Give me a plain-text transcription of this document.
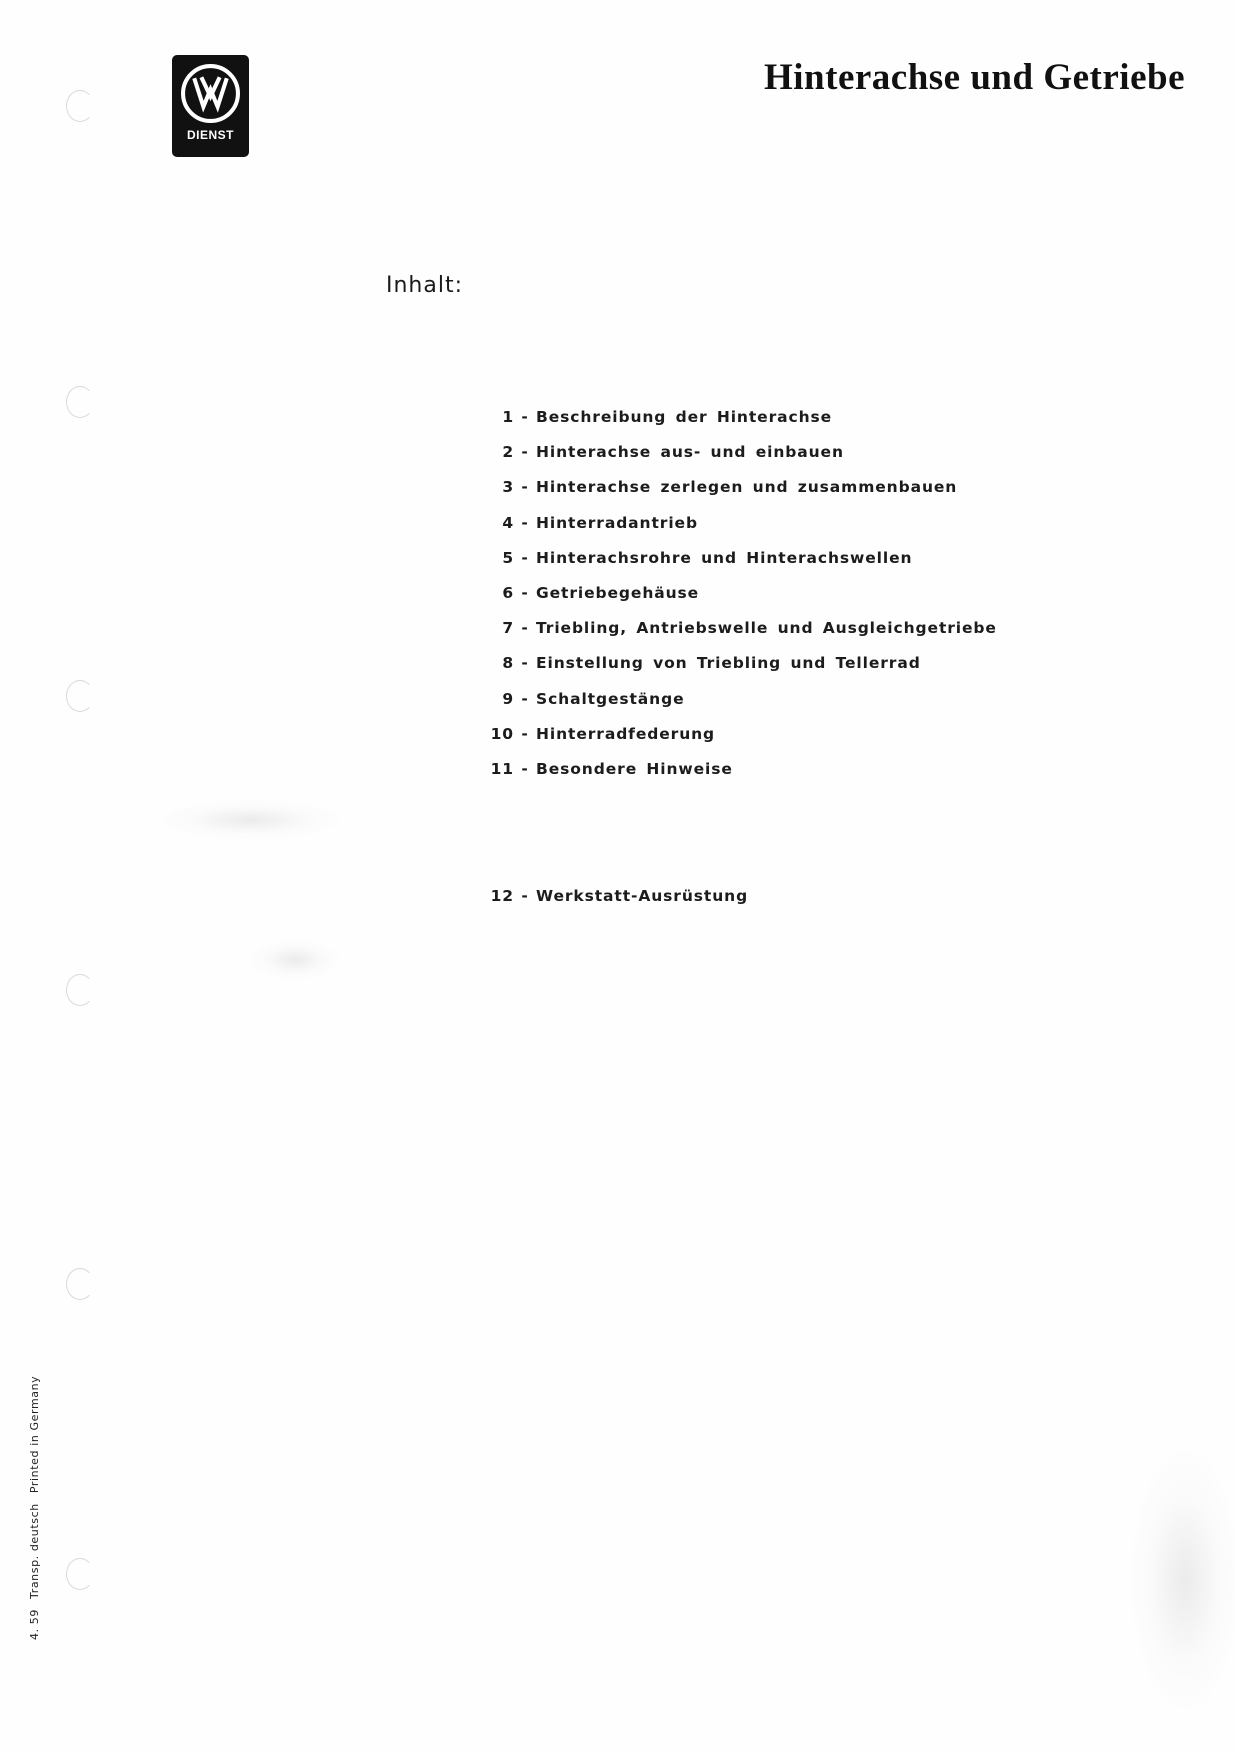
DIENST
Hinterachse und Getriebe
Inhalt:
1 - Beschreibung der Hinterachse
2 - Hinterachse aus- und einbauen
3 - Hinterachse zerlegen und zusammenbauen
4 - Hinterradantrieb
5 - Hinterachsrohre und Hinterachswellen
6 - Getriebegehäuse
7 - Triebling, Antriebswelle und Ausgleichgetriebe
8 - Einstellung von Triebling und Tellerrad
9 - Schaltgestänge
10 - Hinterradfederung
11 - Besondere Hinweise
12 - Werkstatt-Ausrüstung
4. 59Transp. deutschPrinted in Germany
